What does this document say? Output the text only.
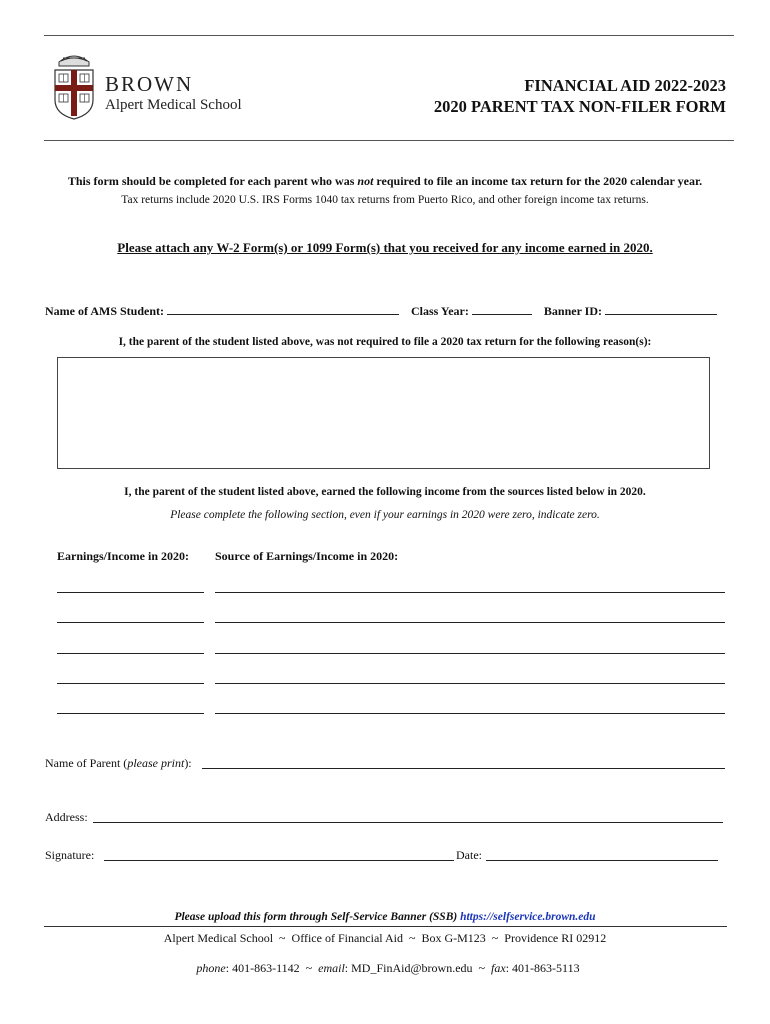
BROWN
Alpert Medical School
FINANCIAL AID 2022-2023
2020 PARENT TAX NON-FILER FORM
This form should be completed for each parent who was not required to file an income tax return for the 2020 calendar year.
Tax returns include 2020 U.S. IRS Forms 1040 tax returns from Puerto Rico, and other foreign income tax returns.
Please attach any W-2 Form(s) or 1099 Form(s) that you received for any income earned in 2020.
Name of AMS Student:	Class Year:	Banner ID:
I, the parent of the student listed above, was not required to file a 2020 tax return for the following reason(s):
I, the parent of the student listed above, earned the following income from the sources listed below in 2020.
Please complete the following section, even if your earnings in 2020 were zero, indicate zero.
Earnings/Income in 2020: Source of Earnings/Income in 2020:
Name of Parent (please print):
Address:
Signature:	Date:
Please upload this form through Self-Service Banner (SSB) https://selfservice.brown.edu
Alpert Medical School  ~  Office of Financial Aid  ~  Box G-M123  ~  Providence RI 02912

phone: 401-863-1142  ~  email: MD_FinAid@brown.edu  ~  fax: 401-863-5113
